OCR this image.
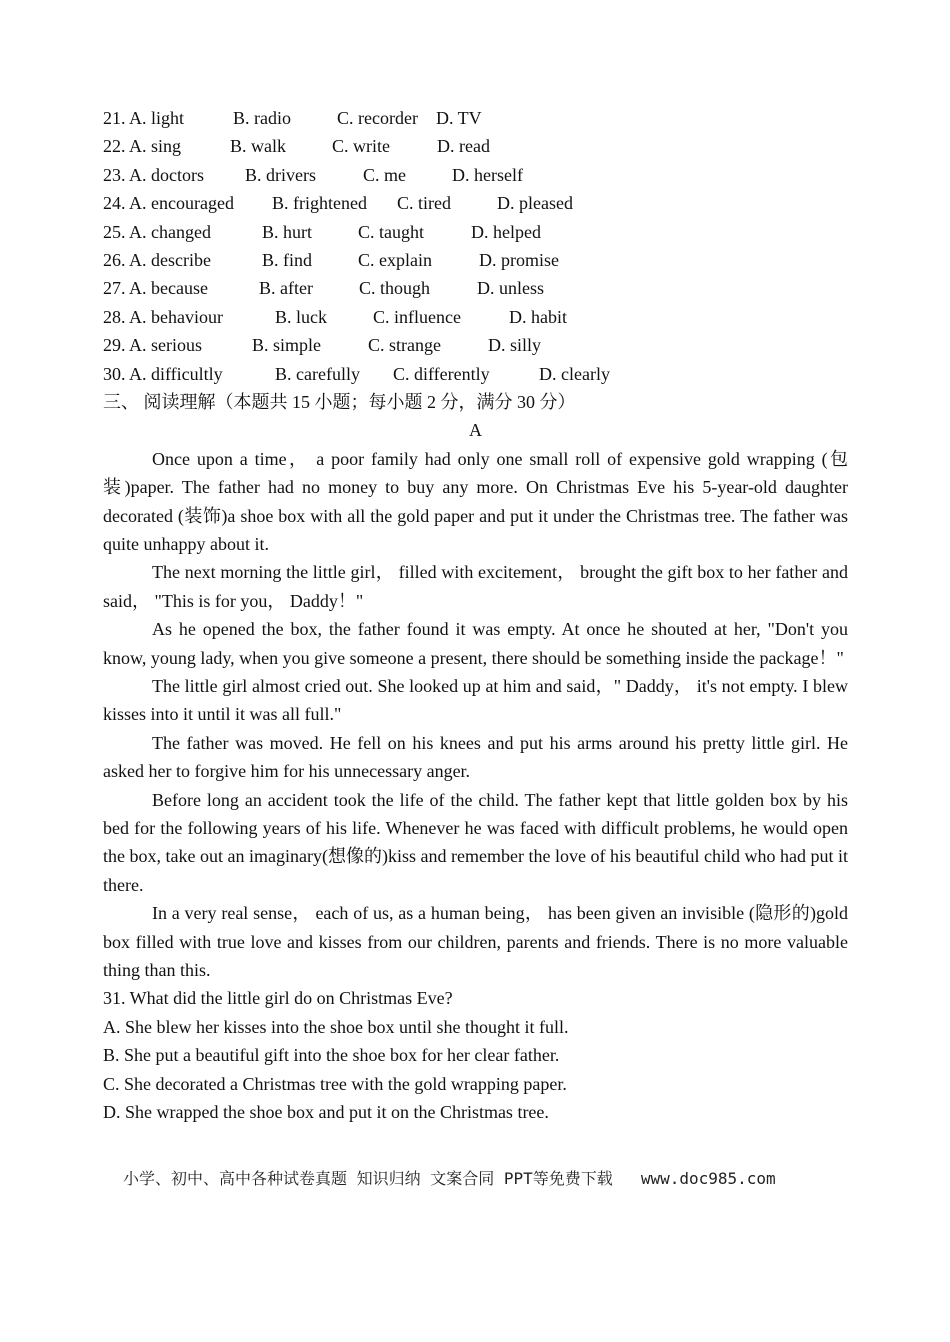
21. A. light	B. radio	C. recorder D. TV
22. A. sing	B. walk	C. write	D. read
23. A. doctors B. drivers	C. me	D. herself
24. A. encouraged B. frightened C. tired	D. pleased
25. A. changed	B. hurt	C. taught	D. helped
26. A. describe	B. find	C. explain	D. promise
27. A. because	B. after	C. though	D. unless
28. A. behaviour	B. luck	C. influence	D. habit
29. A. serious	B. simple	C. strange	D. silly
30. A. difficultly	B. carefully C. differently	D. clearly
三、 阅读理解（本题共 15 小题；每小题 2 分，满分 30 分）
A

Once upon a time， a poor family had only one small roll of expensive gold wrapping (包装)paper. The father had no money to buy any more. On Christmas Eve his 5-year-old daughter decorated (装饰)a shoe box with all the gold paper and put it under the Christmas tree. The father was quite unhappy about it.

The next morning the little girl， filled with excitement， brought the gift box to her father and said， "This is for you， Daddy！"

As he opened the box, the father found it was empty. At once he shouted at her, "Don't you know, young lady, when you give someone a present, there should be something inside the package！"

The little girl almost cried out. She looked up at him and said，" Daddy， it's not empty. I blew kisses into it until it was all full."

The father was moved. He fell on his knees and put his arms around his pretty little girl. He asked her to forgive him for his unnecessary anger.

Before long an accident took the life of the child. The father kept that little golden box by his bed for the following years of his life. Whenever he was faced with difficult problems, he would open the box, take out an imaginary(想像的)kiss and remember the love of his beautiful child who had put it there.

In a very real sense， each of us, as a human being， has been given an invisible (隐形的)gold box filled with true love and kisses from our children, parents and friends. There is no more valuable thing than this.

31. What did the little girl do on Christmas Eve?
A. She blew her kisses into the shoe box until she thought it full.
B. She put a beautiful gift into the shoe box for her clear father.
C. She decorated a Christmas tree with the gold wrapping paper.
D. She wrapped the shoe box and put it on the Christmas tree.
小学、初中、高中各种试卷真题 知识归纳 文案合同 PPT等免费下载 www.doc985.com
